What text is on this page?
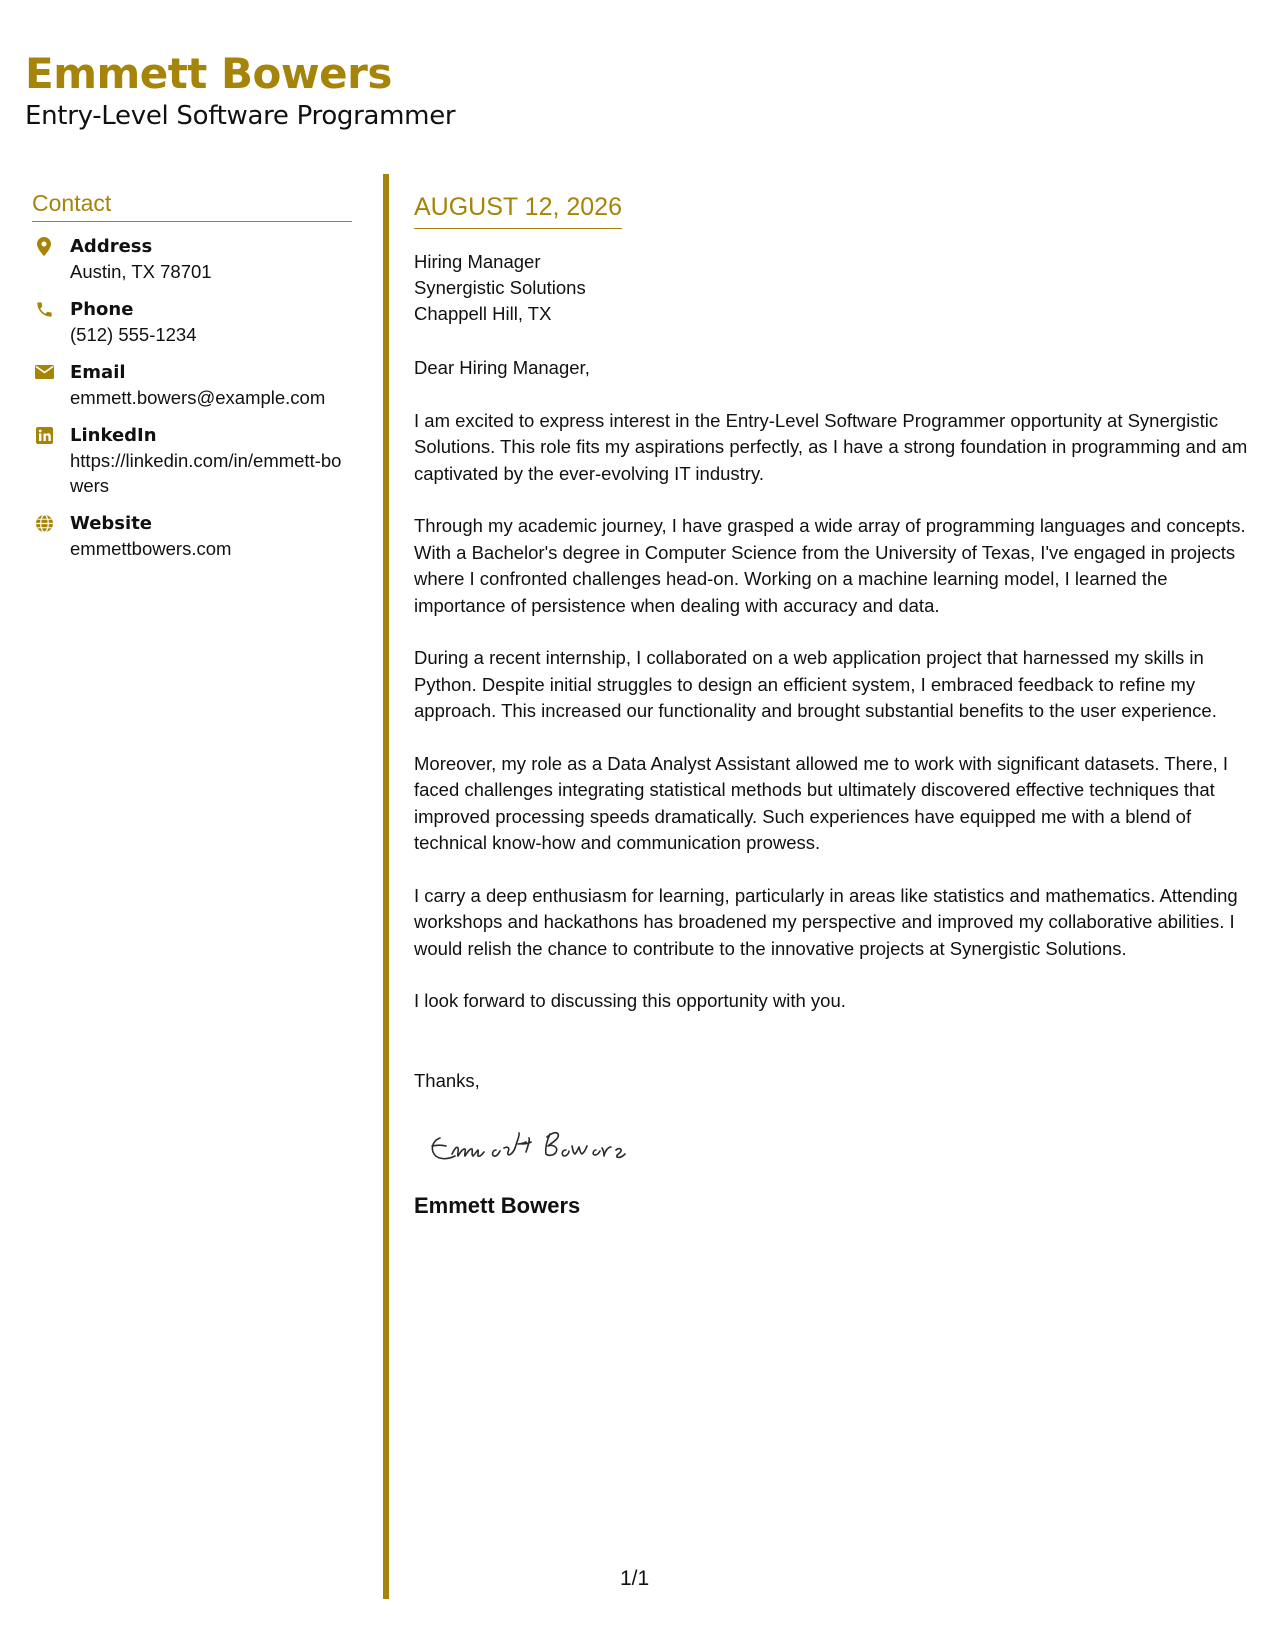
Emmett Bowers
Entry-Level Software Programmer
Contact
Address
Austin, TX 78701
Phone
(512) 555-1234
Email
emmett.bowers@example.com
LinkedIn
https://linkedin.com/in/emmett-bowers
Website
emmettbowers.com
AUGUST 12, 2026
Hiring Manager
Synergistic Solutions
Chappell Hill, TX
Dear Hiring Manager,
I am excited to express interest in the Entry-Level Software Programmer opportunity at Synergistic Solutions. This role fits my aspirations perfectly, as I have a strong foundation in programming and am captivated by the ever-evolving IT industry.
Through my academic journey, I have grasped a wide array of programming languages and concepts. With a Bachelor's degree in Computer Science from the University of Texas, I've engaged in projects where I confronted challenges head-on. Working on a machine learning model, I learned the importance of persistence when dealing with accuracy and data.
During a recent internship, I collaborated on a web application project that harnessed my skills in Python. Despite initial struggles to design an efficient system, I embraced feedback to refine my approach. This increased our functionality and brought substantial benefits to the user experience.
Moreover, my role as a Data Analyst Assistant allowed me to work with significant datasets. There, I faced challenges integrating statistical methods but ultimately discovered effective techniques that improved processing speeds dramatically. Such experiences have equipped me with a blend of technical know-how and communication prowess.
I carry a deep enthusiasm for learning, particularly in areas like statistics and mathematics. Attending workshops and hackathons has broadened my perspective and improved my collaborative abilities. I would relish the chance to contribute to the innovative projects at Synergistic Solutions.
I look forward to discussing this opportunity with you.
Thanks,
Emmett Bowers
1/1
